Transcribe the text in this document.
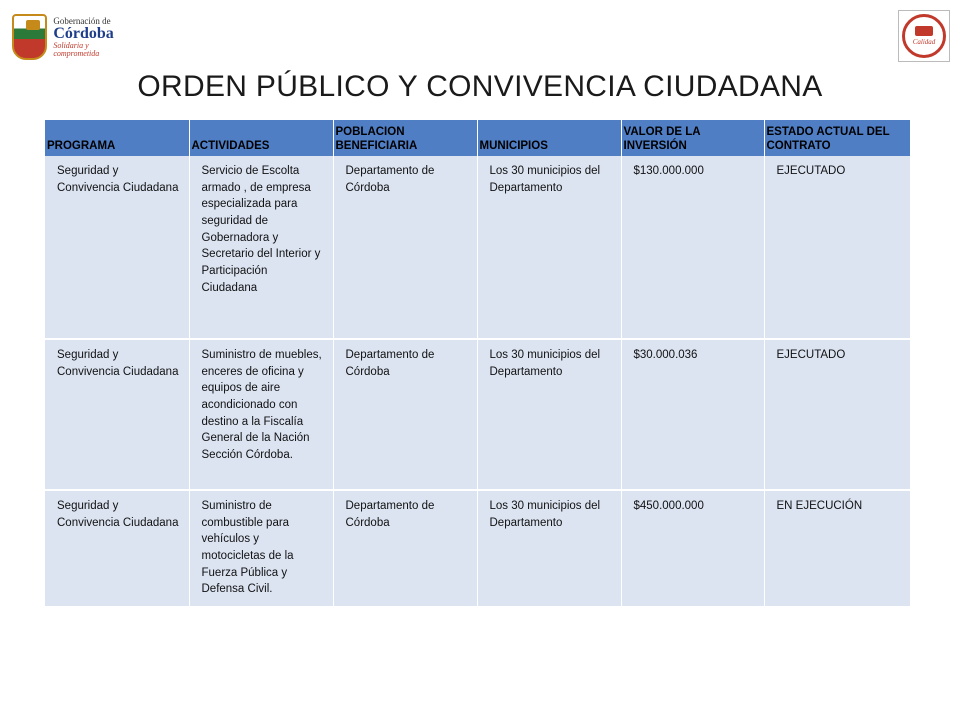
Gobernación de
Córdoba
Solidaria y comprometida
Calidad
ORDEN PÚBLICO Y CONVIVENCIA CIUDADANA
PROGRAMA	ACTIVIDADES	POBLACION BENEFICIARIA	MUNICIPIOS	VALOR DE LA INVERSIÓN	ESTADO ACTUAL DEL CONTRATO
Seguridad y Convivencia Ciudadana	Servicio de Escolta armado , de empresa especializada para seguridad de Gobernadora y Secretario del Interior y Participación Ciudadana	Departamento de Córdoba	Los 30 municipios del Departamento	$130.000.000	EJECUTADO
Seguridad y Convivencia Ciudadana	Suministro de muebles, enceres de oficina y equipos de aire acondicionado con destino a la Fiscalía General de la Nación Sección Córdoba.	Departamento de Córdoba	Los 30 municipios del Departamento	$30.000.036	EJECUTADO
Seguridad y Convivencia Ciudadana	Suministro de combustible para vehículos y motocicletas de la Fuerza Pública y Defensa Civil.	Departamento de Córdoba	Los 30 municipios del Departamento	$450.000.000	EN EJECUCIÓN
